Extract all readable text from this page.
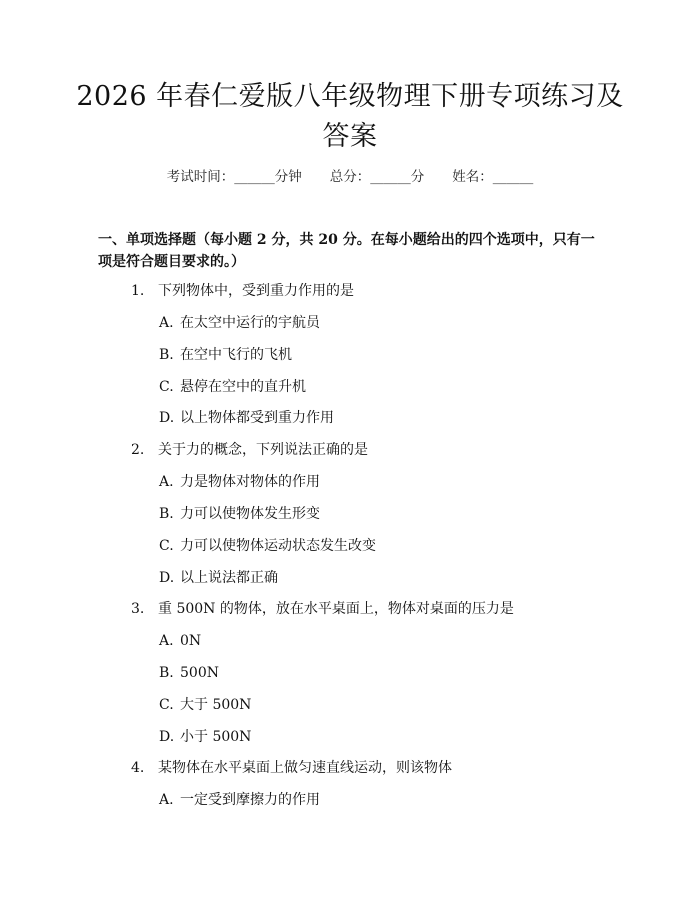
2026 年春仁爱版八年级物理下册专项练习及
答案
考试时间：______分钟 总分：______分 姓名：______
一、单项选择题（每小题 2 分，共 20 分。在每小题给出的四个选项中，只有一项是符合题目要求的。）
1. 下列物体中，受到重力作用的是
A. 在太空中运行的宇航员
B. 在空中飞行的飞机
C. 悬停在空中的直升机
D. 以上物体都受到重力作用
2. 关于力的概念，下列说法正确的是
A. 力是物体对物体的作用
B. 力可以使物体发生形变
C. 力可以使物体运动状态发生改变
D. 以上说法都正确
3. 重 500N 的物体，放在水平桌面上，物体对桌面的压力是
A. 0N
B. 500N
C. 大于 500N
D. 小于 500N
4. 某物体在水平桌面上做匀速直线运动，则该物体
A. 一定受到摩擦力的作用
